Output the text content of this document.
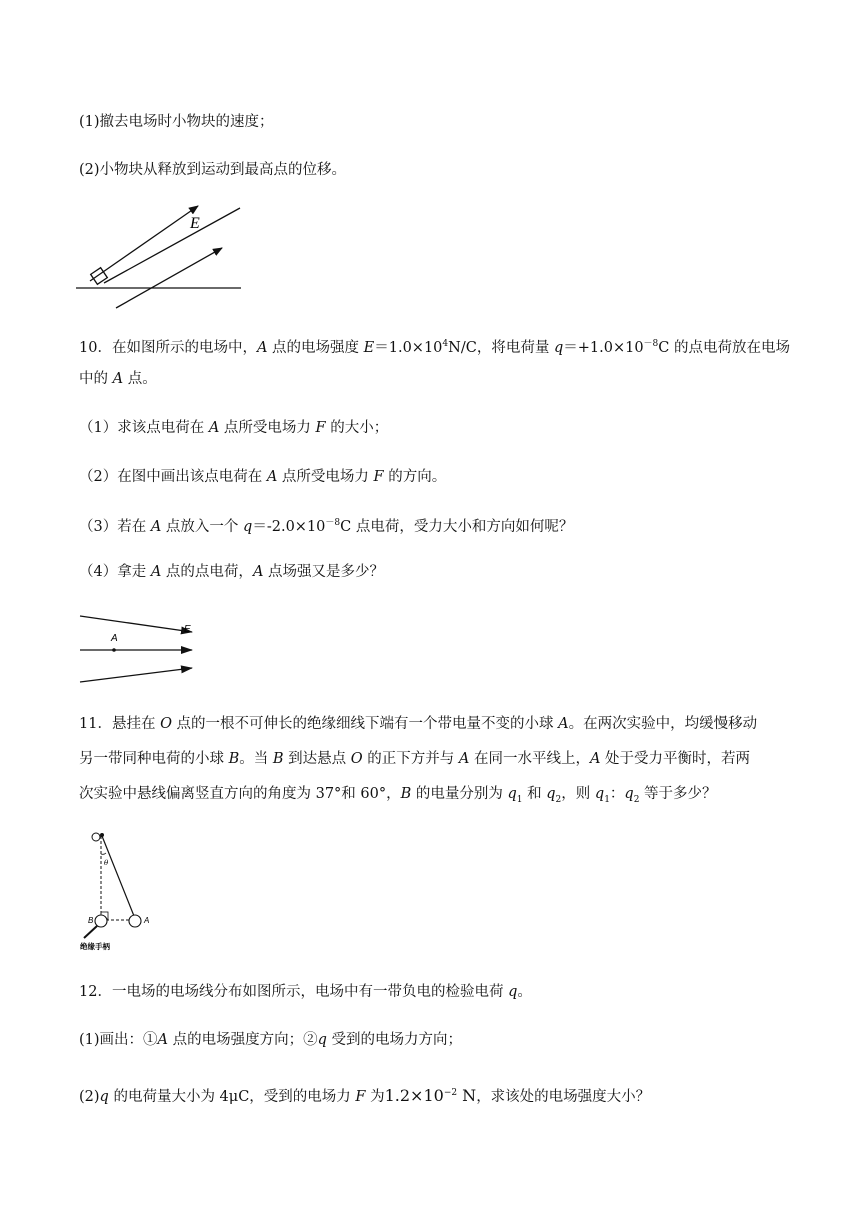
(1)撤去电场时小物块的速度；
(2)小物块从释放到运动到最高点的位移。
E
10．在如图所示的电场中，A 点的电场强度 $E=1.0\times 10^4N/C$，将电荷量 $q=+1.0\times 10^{-8}C$ 的点电荷放在电场
中的 A 点。
（1）求该点电荷在 A 点所受电场力 F 的大小；
（2）在图中画出该点电荷在 A 点所受电场力 F 的方向。
（3）若在 A 点放入一个 $q=-2.0\times 10^{-8}C$ 点电荷，受力大小和方向如何呢？
（4）拿走 A 点的点电荷，A 点场强又是多少？
A
E
11．悬挂在 O 点的一根不可伸长的绝缘细线下端有一个带电量不变的小球 A。在两次实验中，均缓慢移动
另一带同种电荷的小球 B。当 B 到达悬点 O 的正下方并与 A 在同一水平线上，A 处于受力平衡时，若两
次实验中悬线偏离竖直方向的角度为 37°和 60°，B 的电量分别为 $q_1$ 和 $q_2$，则 $q_1$：$q_2$ 等于多少？
θ
B	A
绝缘手柄
12．一电场的电场线分布如图所示，电场中有一带负电的检验电荷 q。
(1)画出：①A 点的电场强度方向；②q 受到的电场力方向；
(2)q 的电荷量大小为 4μC，受到的电场力 F 为$1.2\times 10^{-2}$ N，求该处的电场强度大小？
